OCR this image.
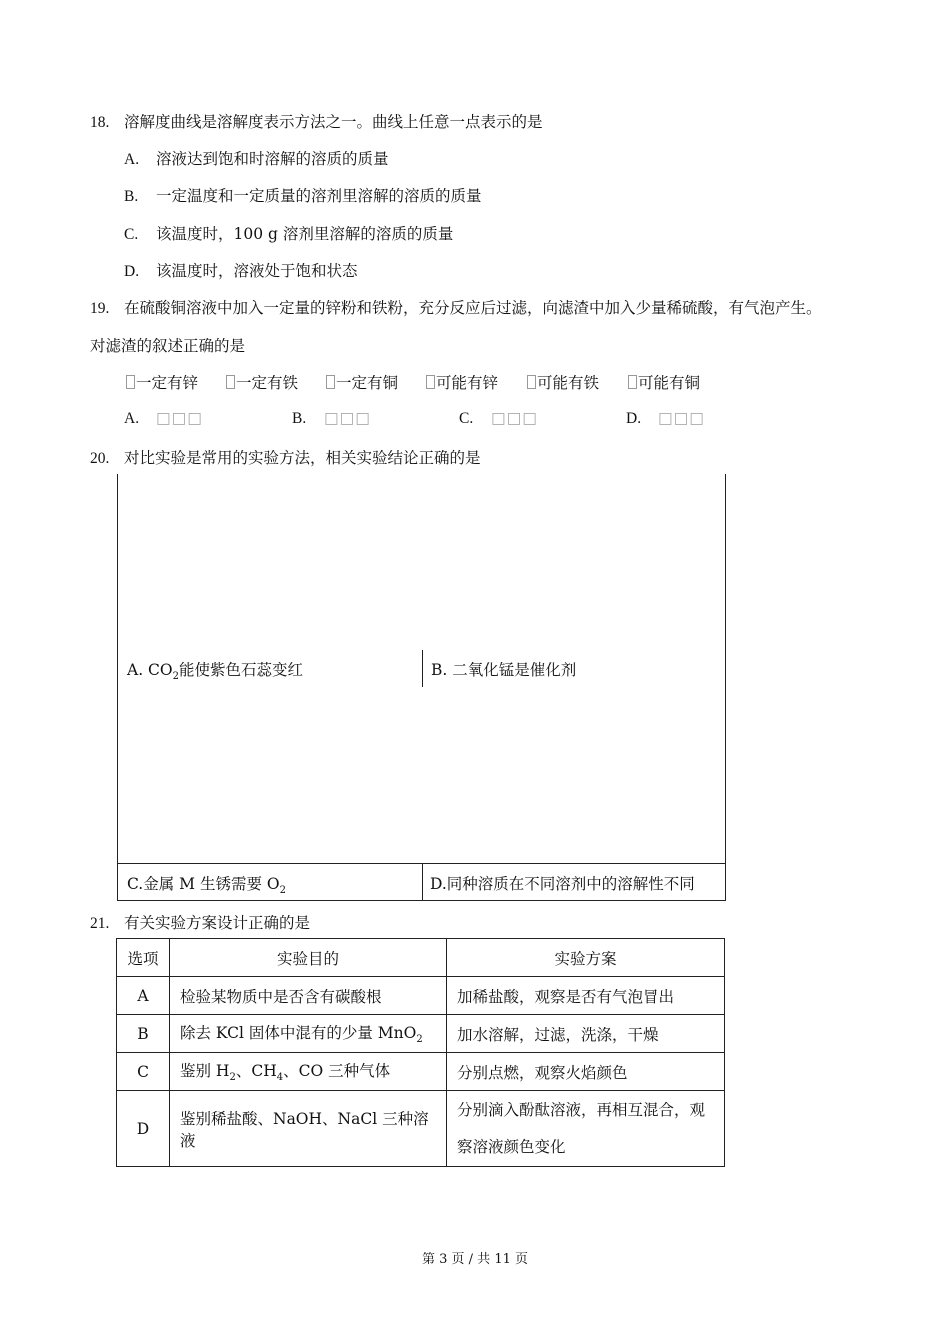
18. 溶解度曲线是溶解度表示方法之一。曲线上任意一点表示的是
A. 溶液达到饱和时溶解的溶质的质量
B. 一定温度和一定质量的溶剂里溶解的溶质的质量
C. 该温度时，100 g 溶剂里溶解的溶质的质量
D. 该温度时，溶液处于饱和状态
19. 在硫酸铜溶液中加入一定量的锌粉和铁粉，充分反应后过滤，向滤渣中加入少量稀硫酸，有气泡产生。
对滤渣的叙述正确的是
一定有锌	一定有铁	一定有铜	可能有锌	可能有铁	可能有铜
A. □□□	B. □□□	C. □□□	D. □□□
20. 对比实验是常用的实验方法，相关实验结论正确的是
A. $CO_2$能使紫色石蕊变红	B. 二氧化锰是催化剂
C.金属 M 生锈需要 $O_2$	D.同种溶质在不同溶剂中的溶解性不同
21. 有关实验方案设计正确的是
选项	实验目的	实验方案
A	检验某物质中是否含有碳酸根	加稀盐酸，观察是否有气泡冒出
B	除去 KCl 固体中混有的少量 MnO$_2$	加水溶解，过滤，洗涤，干燥
C	鉴别 $H_2$、$CH_4$、CO 三种气体	分别点燃，观察火焰颜色
D	鉴别稀盐酸、NaOH、NaCl 三种溶液	分别滴入酚酞溶液，再相互混合，观
察溶液颜色变化
第 3 页 / 共 11 页
